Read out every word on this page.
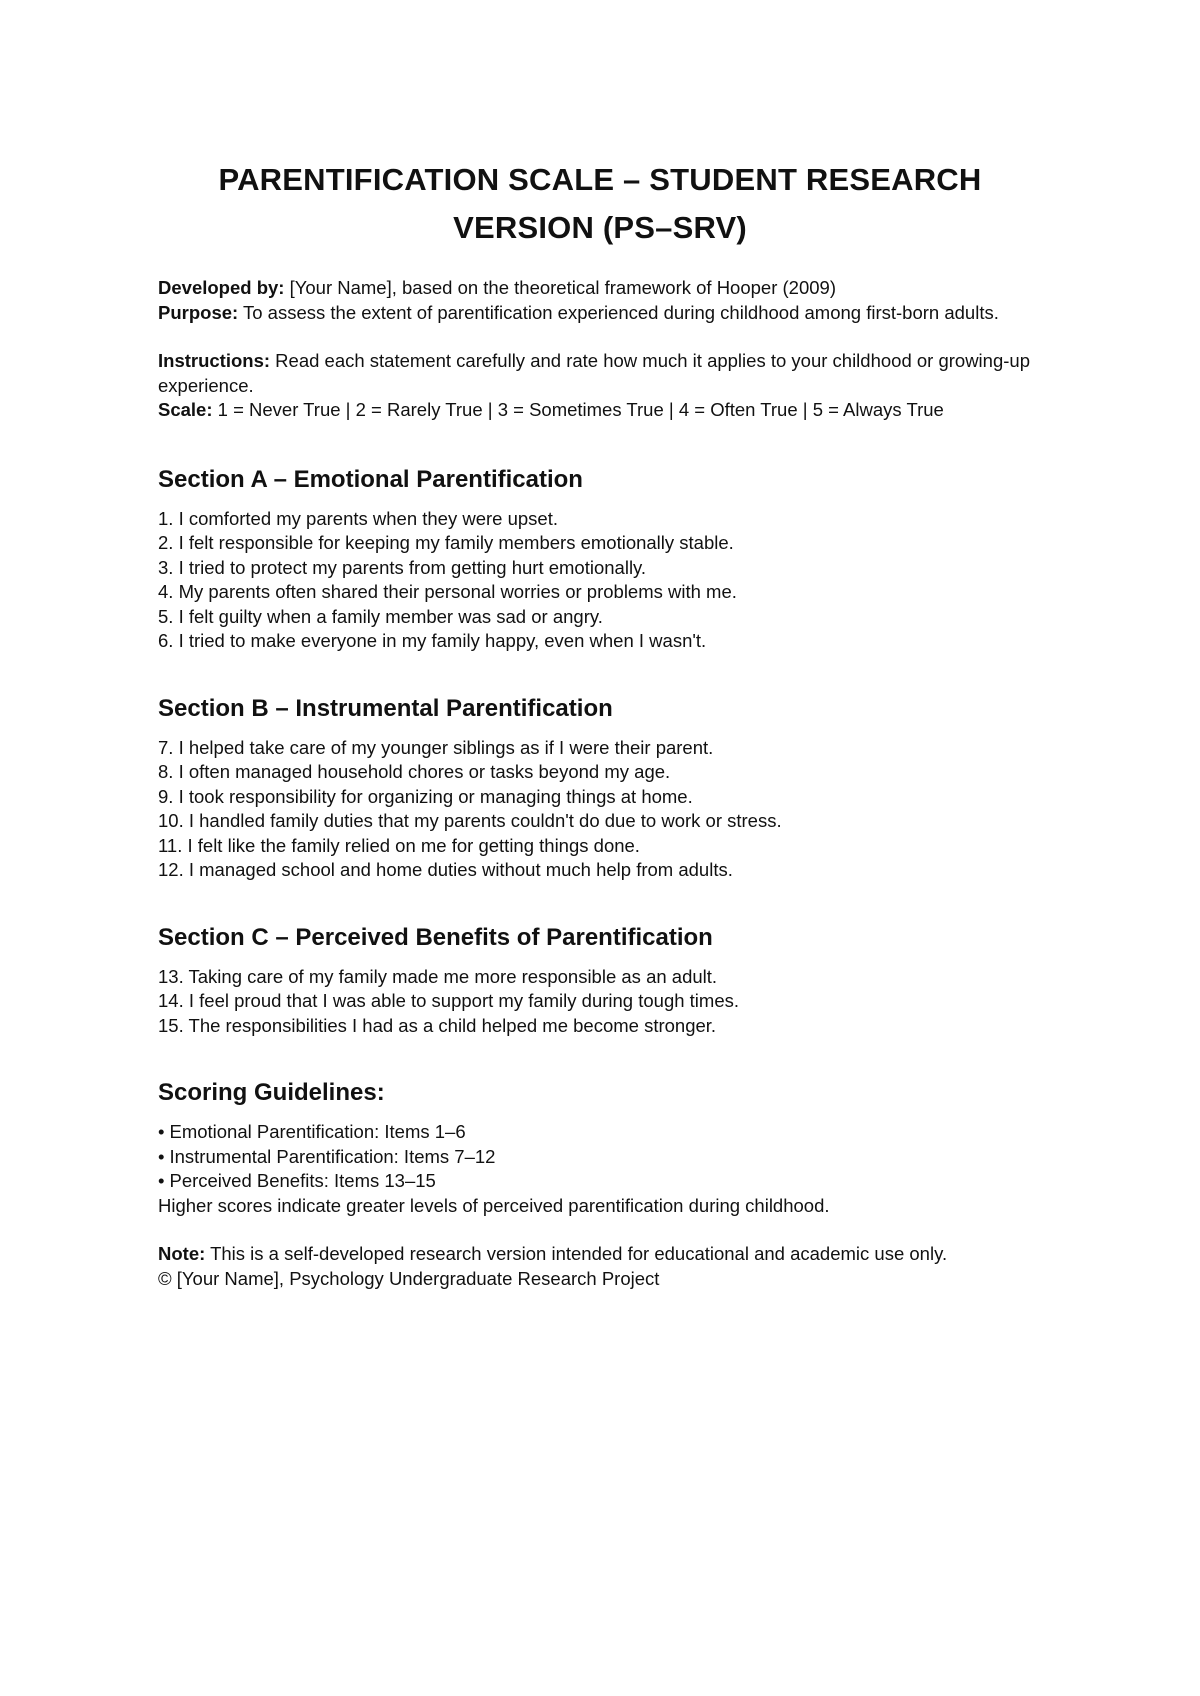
PARENTIFICATION SCALE – STUDENT RESEARCH
VERSION (PS–SRV)

Developed by: [Your Name], based on the theoretical framework of Hooper (2009)

Purpose: To assess the extent of parentification experienced during childhood among first-born adults.

Instructions: Read each statement carefully and rate how much it applies to your childhood or growing-up experience.

Scale: 1 = Never True | 2 = Rarely True | 3 = Sometimes True | 4 = Often True | 5 = Always True

Section A – Emotional Parentification
1. I comforted my parents when they were upset.
2. I felt responsible for keeping my family members emotionally stable.
3. I tried to protect my parents from getting hurt emotionally.
4. My parents often shared their personal worries or problems with me.
5. I felt guilty when a family member was sad or angry.
6. I tried to make everyone in my family happy, even when I wasn't.
Section B – Instrumental Parentification
7. I helped take care of my younger siblings as if I were their parent.
8. I often managed household chores or tasks beyond my age.
9. I took responsibility for organizing or managing things at home.
10. I handled family duties that my parents couldn't do due to work or stress.
11. I felt like the family relied on me for getting things done.
12. I managed school and home duties without much help from adults.
Section C – Perceived Benefits of Parentification
13. Taking care of my family made me more responsible as an adult.
14. I feel proud that I was able to support my family during tough times.
15. The responsibilities I had as a child helped me become stronger.
Scoring Guidelines:
• Emotional Parentification: Items 1–6
• Instrumental Parentification: Items 7–12
• Perceived Benefits: Items 13–15

Higher scores indicate greater levels of perceived parentification during childhood.

Note: This is a self-developed research version intended for educational and academic use only.

© [Your Name], Psychology Undergraduate Research Project
